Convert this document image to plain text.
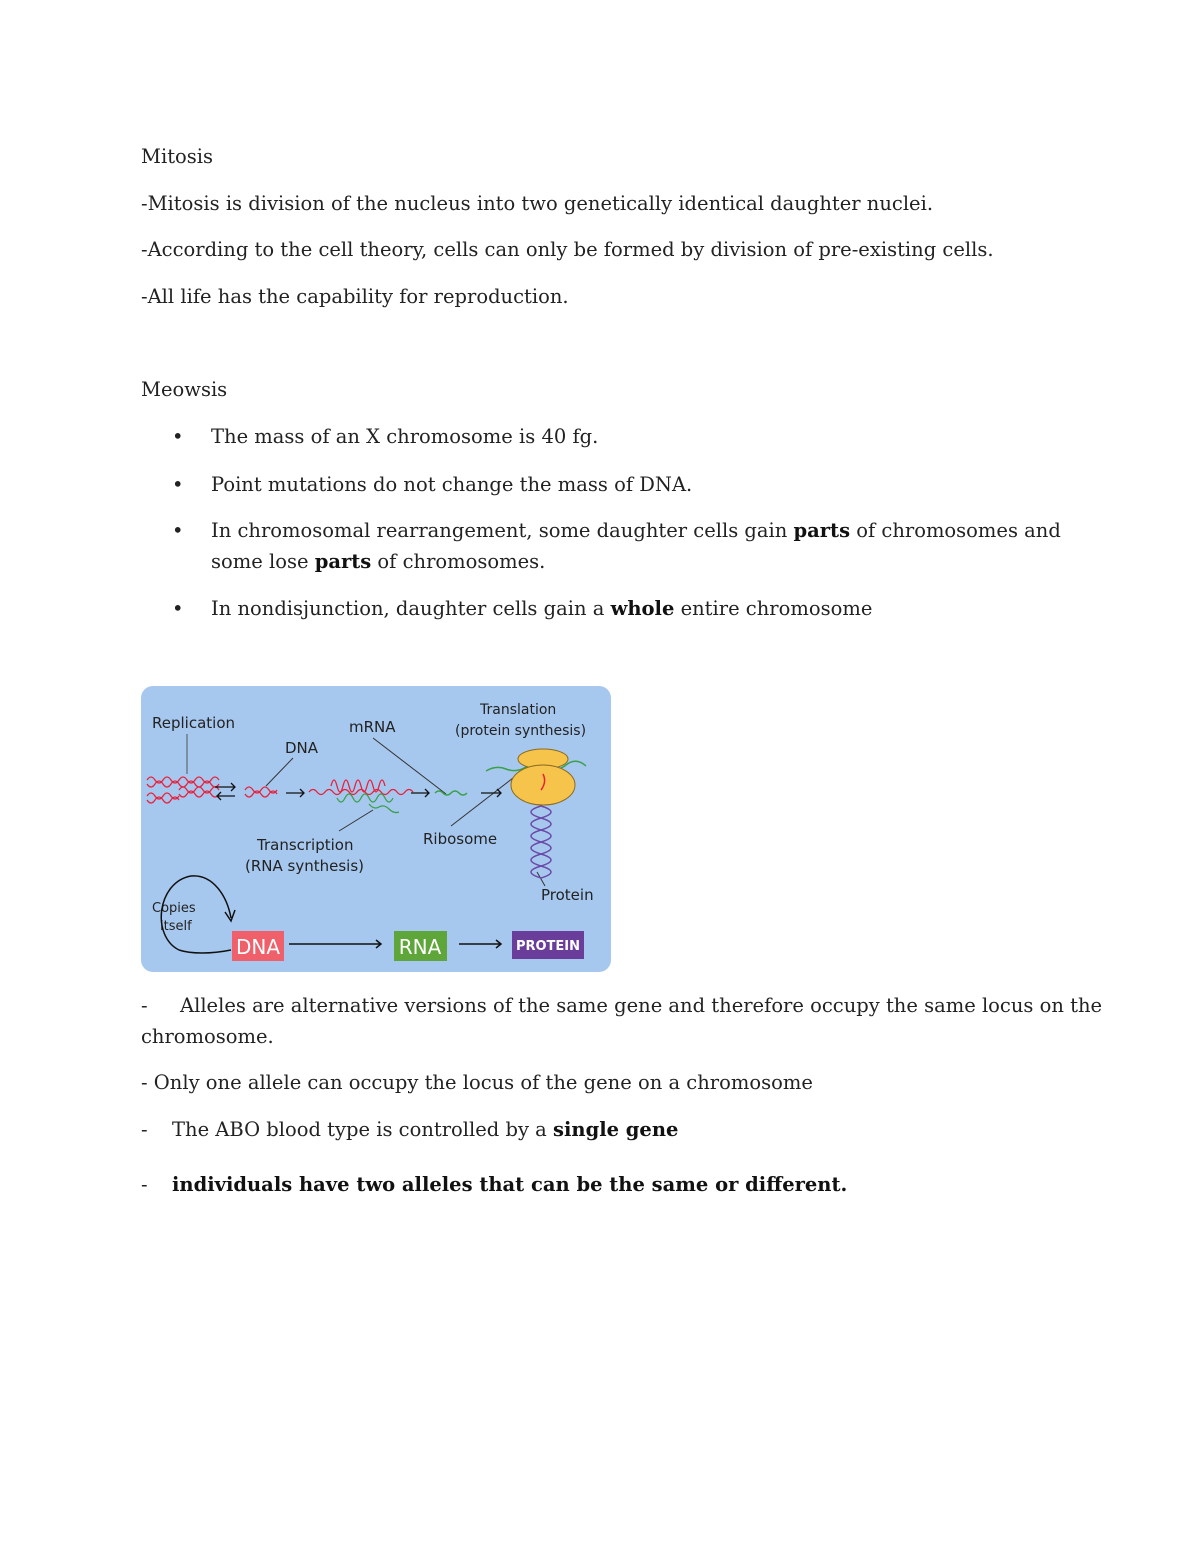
Mitosis

-Mitosis is division of the nucleus into two genetically identical daughter nuclei.

-According to the cell theory, cells can only be formed by division of pre-existing cells.

-All life has the capability for reproduction.

Meowsis

• The mass of an X chromosome is 40 fg.
• Point mutations do not change the mass of DNA.
• In chromosomal rearrangement, some daughter cells gain parts of chromosomes and some lose parts of chromosomes.
• In nondisjunction, daughter cells gain a whole entire chromosome
Replication
DNA
mRNA
Translation
(protein synthesis)
Transcription
(RNA synthesis)
Ribosome
Protein
Copies
itself
DNA	RNA	PROTEIN
- Alleles are alternative versions of the same gene and therefore occupy the same locus on the

chromosome.

- Only one allele can occupy the locus of the gene on a chromosome

- The ABO blood type is controlled by a single gene

- individuals have two alleles that can be the same or different.
